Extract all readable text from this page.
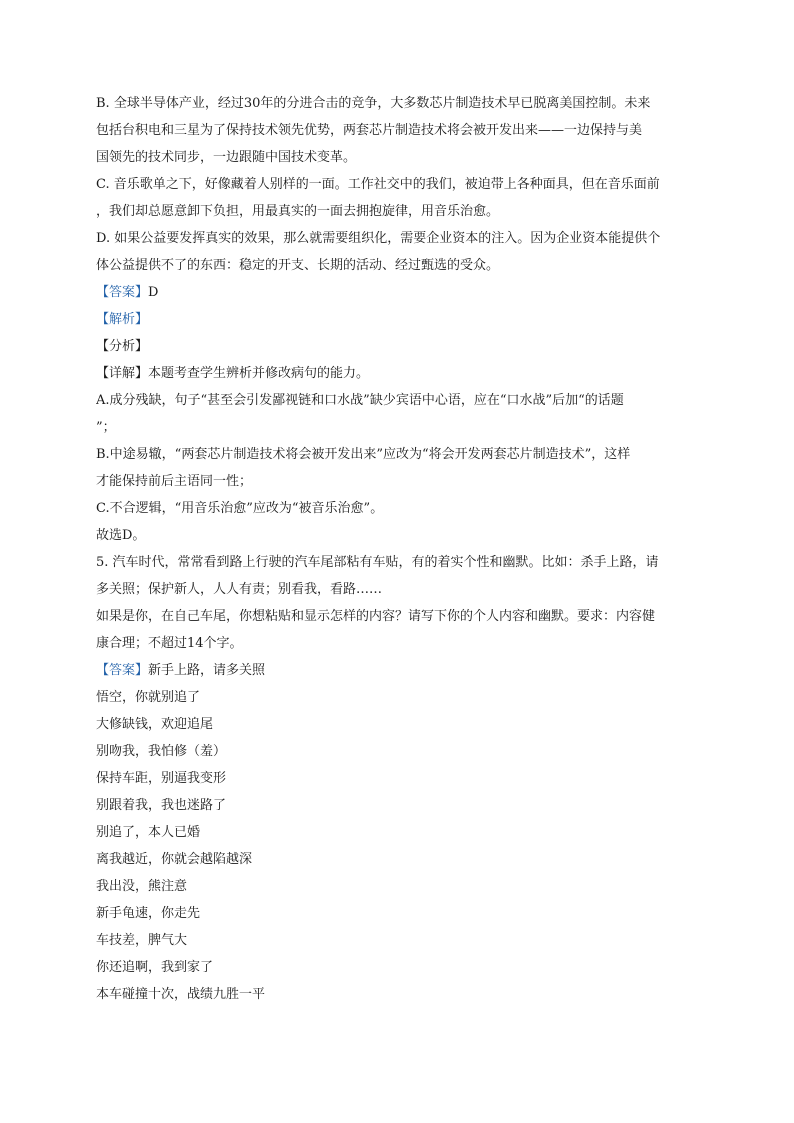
B. 全球半导体产业，经过30年的分进合击的竞争，大多数芯片制造技术早已脱离美国控制。未来
包括台积电和三星为了保持技术领先优势，两套芯片制造技术将会被开发出来——一边保持与美
国领先的技术同步，一边跟随中国技术变革。
C. 音乐歌单之下，好像藏着人别样的一面。工作社交中的我们，被迫带上各种面具，但在音乐面前
，我们却总愿意卸下负担，用最真实的一面去拥抱旋律，用音乐治愈。
D. 如果公益要发挥真实的效果，那么就需要组织化，需要企业资本的注入。因为企业资本能提供个
体公益提供不了的东西：稳定的开支、长期的活动、经过甄选的受众。
【答案】D
【解析】
【分析】
【详解】本题考查学生辨析并修改病句的能力。
A.成分残缺，句子“甚至会引发鄙视链和口水战”缺少宾语中心语，应在“口水战”后加“的话题
”；
B.中途易辙，“两套芯片制造技术将会被开发出来”应改为“将会开发两套芯片制造技术”，这样
才能保持前后主语同一性；
C.不合逻辑，“用音乐治愈”应改为“被音乐治愈”。
故选D。
5. 汽车时代，常常看到路上行驶的汽车尾部粘有车贴，有的着实个性和幽默。比如：杀手上路，请
多关照；保护新人，人人有责；别看我，看路……
如果是你，在自己车尾，你想粘贴和显示怎样的内容？请写下你的个人内容和幽默。要求：内容健
康合理；不超过14个字。
【答案】新手上路，请多关照
悟空，你就别追了
大修缺钱，欢迎追尾
别吻我，我怕修（羞）
保持车距，别逼我变形
别跟着我，我也迷路了
别追了，本人已婚
离我越近，你就会越陷越深
我出没，熊注意
新手龟速，你走先
车技差，脾气大
你还追啊，我到家了
本车碰撞十次，战绩九胜一平
